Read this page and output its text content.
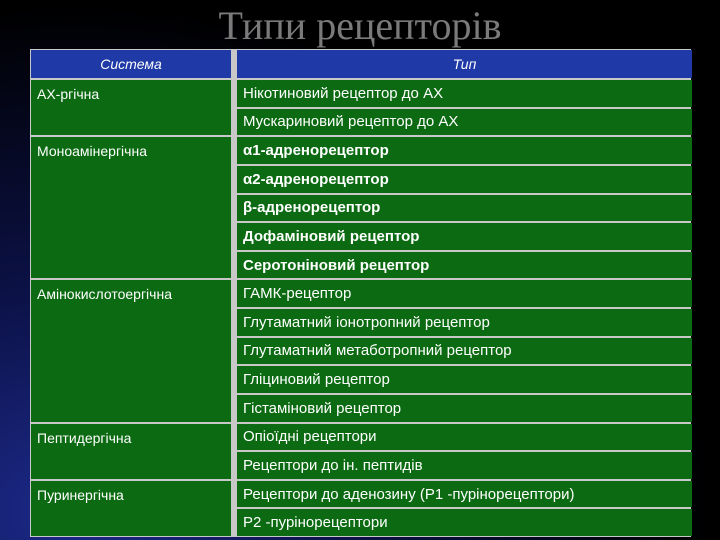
Типи рецепторів
Система	Тип
АХ-ргічна
Моноамінергічна
Амінокислотоергічна
Пептидергічна
Пуринергічна
Нікотиновий рецептор до АХ
Мускариновий рецептор до АХ
α1-адренорецептор
α2-адренорецептор
β-адренорецептор
Дофаміновий рецептор
Серотоніновий рецептор
ГАМК-рецептор
Глутаматний іонотропний рецептор
Глутаматний метаботропний рецептор
Гліциновий рецептор
Гістаміновий рецептор
Опіоїдні рецептори
Рецептори до ін. пептидів
Рецептори до аденозину (Р1 -пурінорецептори)
Р2 -пурінорецептори
